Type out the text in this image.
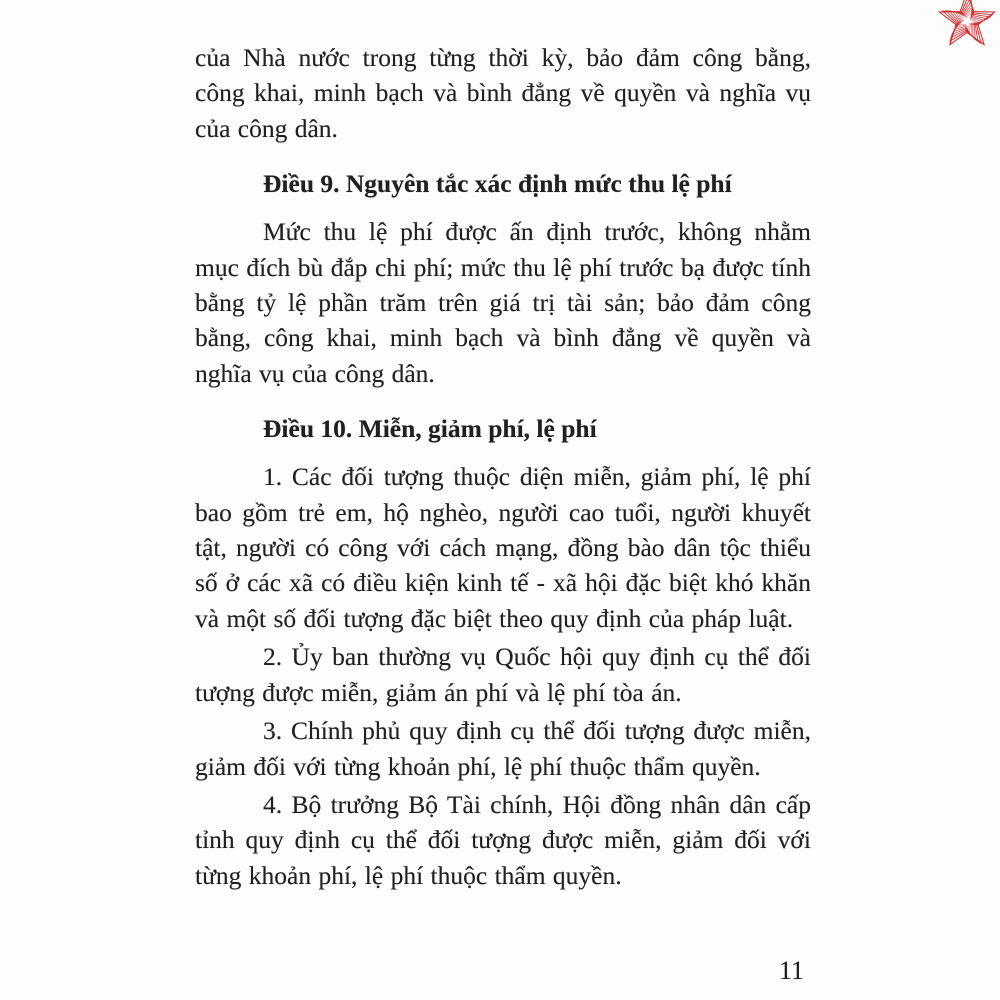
của Nhà nước trong từng thời kỳ, bảo đảm công bằng, công khai, minh bạch và bình đẳng về quyền và nghĩa vụ của công dân.

Điều 9. Nguyên tắc xác định mức thu lệ phí

Mức thu lệ phí được ấn định trước, không nhằm mục đích bù đắp chi phí; mức thu lệ phí trước bạ được tính bằng tỷ lệ phần trăm trên giá trị tài sản; bảo đảm công bằng, công khai, minh bạch và bình đẳng về quyền và nghĩa vụ của công dân.

Điều 10. Miễn, giảm phí, lệ phí

1. Các đối tượng thuộc diện miễn, giảm phí, lệ phí bao gồm trẻ em, hộ nghèo, người cao tuổi, người khuyết tật, người có công với cách mạng, đồng bào dân tộc thiểu số ở các xã có điều kiện kinh tế - xã hội đặc biệt khó khăn và một số đối tượng đặc biệt theo quy định của pháp luật.

2. Ủy ban thường vụ Quốc hội quy định cụ thể đối tượng được miễn, giảm án phí và lệ phí tòa án.

3. Chính phủ quy định cụ thể đối tượng được miễn, giảm đối với từng khoản phí, lệ phí thuộc thẩm quyền.

4. Bộ trưởng Bộ Tài chính, Hội đồng nhân dân cấp tỉnh quy định cụ thể đối tượng được miễn, giảm đối với từng khoản phí, lệ phí thuộc thẩm quyền.

11
